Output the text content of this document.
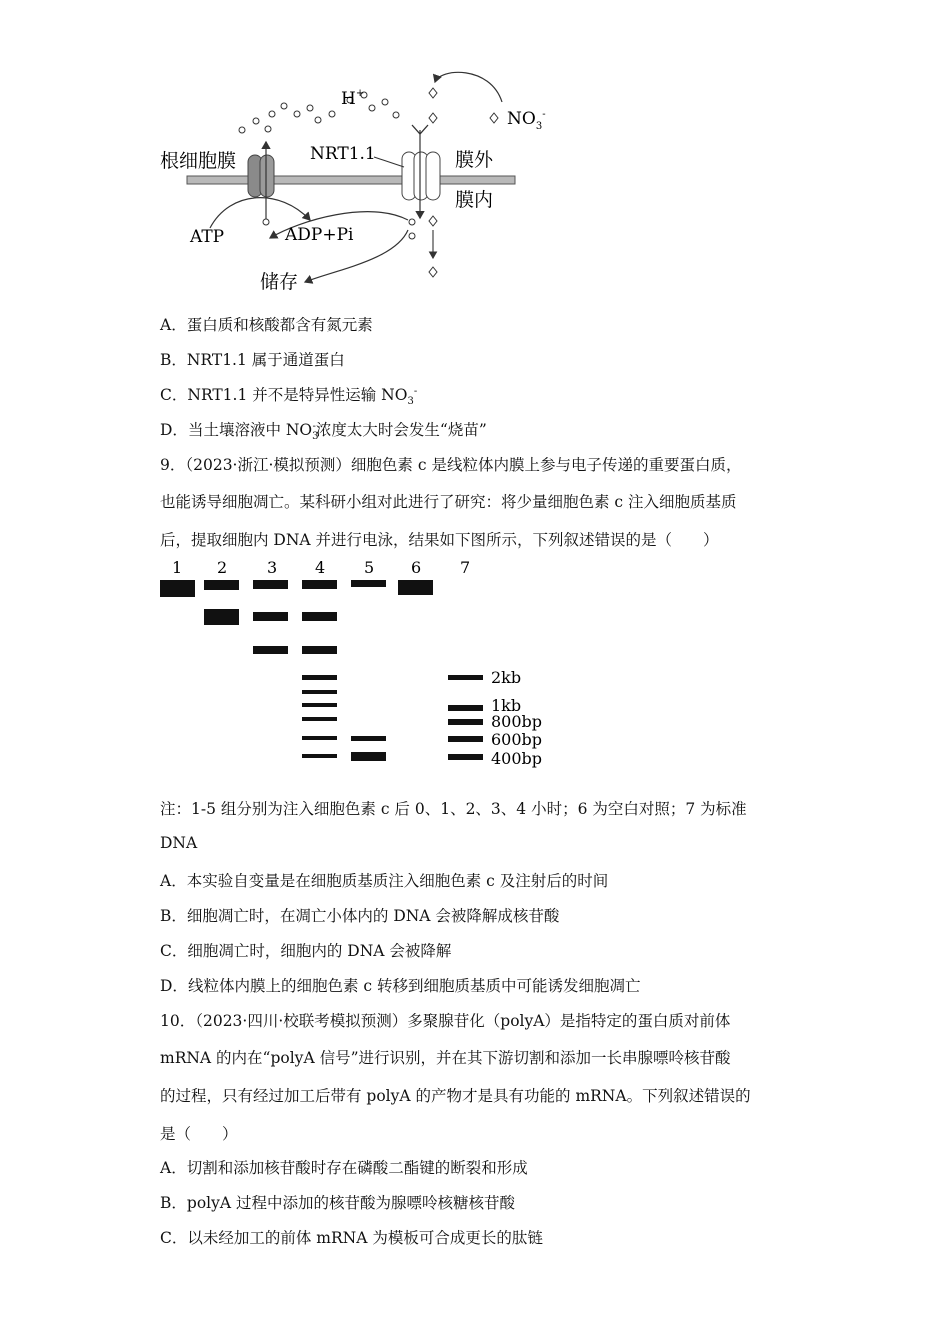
根细胞膜
H+
NRT1.1
$NO_3^-$
膜外
膜内
ATP	ADP+Pi
储存
A．蛋白质和核酸都含有氮元素
B．NRT1.1 属于通道蛋白
C．NRT1.1 并不是特异性运输 $NO_3^-$
D．当土壤溶液中 $NO_3^-$浓度太大时会发生“烧苗”
9．（2023·浙江·模拟预测）细胞色素 c 是线粒体内膜上参与电子传递的重要蛋白质，
也能诱导细胞凋亡。某科研小组对此进行了研究：将少量细胞色素 c 注入细胞质基质
后，提取细胞内 DNA 并进行电泳，结果如下图所示，下列叙述错误的是（　　）
1 2 3 4 5 6 7
2kb
1kb
800bp
600bp
400bp
注：1-5 组分别为注入细胞色素 c 后 0、1、2、3、4 小时；6 为空白对照；7 为标准
DNA
A．本实验自变量是在细胞质基质注入细胞色素 c 及注射后的时间
B．细胞凋亡时，在凋亡小体内的 DNA 会被降解成核苷酸
C．细胞凋亡时，细胞内的 DNA 会被降解
D．线粒体内膜上的细胞色素 c 转移到细胞质基质中可能诱发细胞凋亡
10．（2023·四川·校联考模拟预测）多聚腺苷化（polyA）是指特定的蛋白质对前体
mRNA 的内在“polyA 信号”进行识别，并在其下游切割和添加一长串腺嘌呤核苷酸
的过程，只有经过加工后带有 polyA 的产物才是具有功能的 mRNA。下列叙述错误的
是（　　）
A．切割和添加核苷酸时存在磷酸二酯键的断裂和形成
B．polyA 过程中添加的核苷酸为腺嘌呤核糖核苷酸
C．以未经加工的前体 mRNA 为模板可合成更长的肽链
